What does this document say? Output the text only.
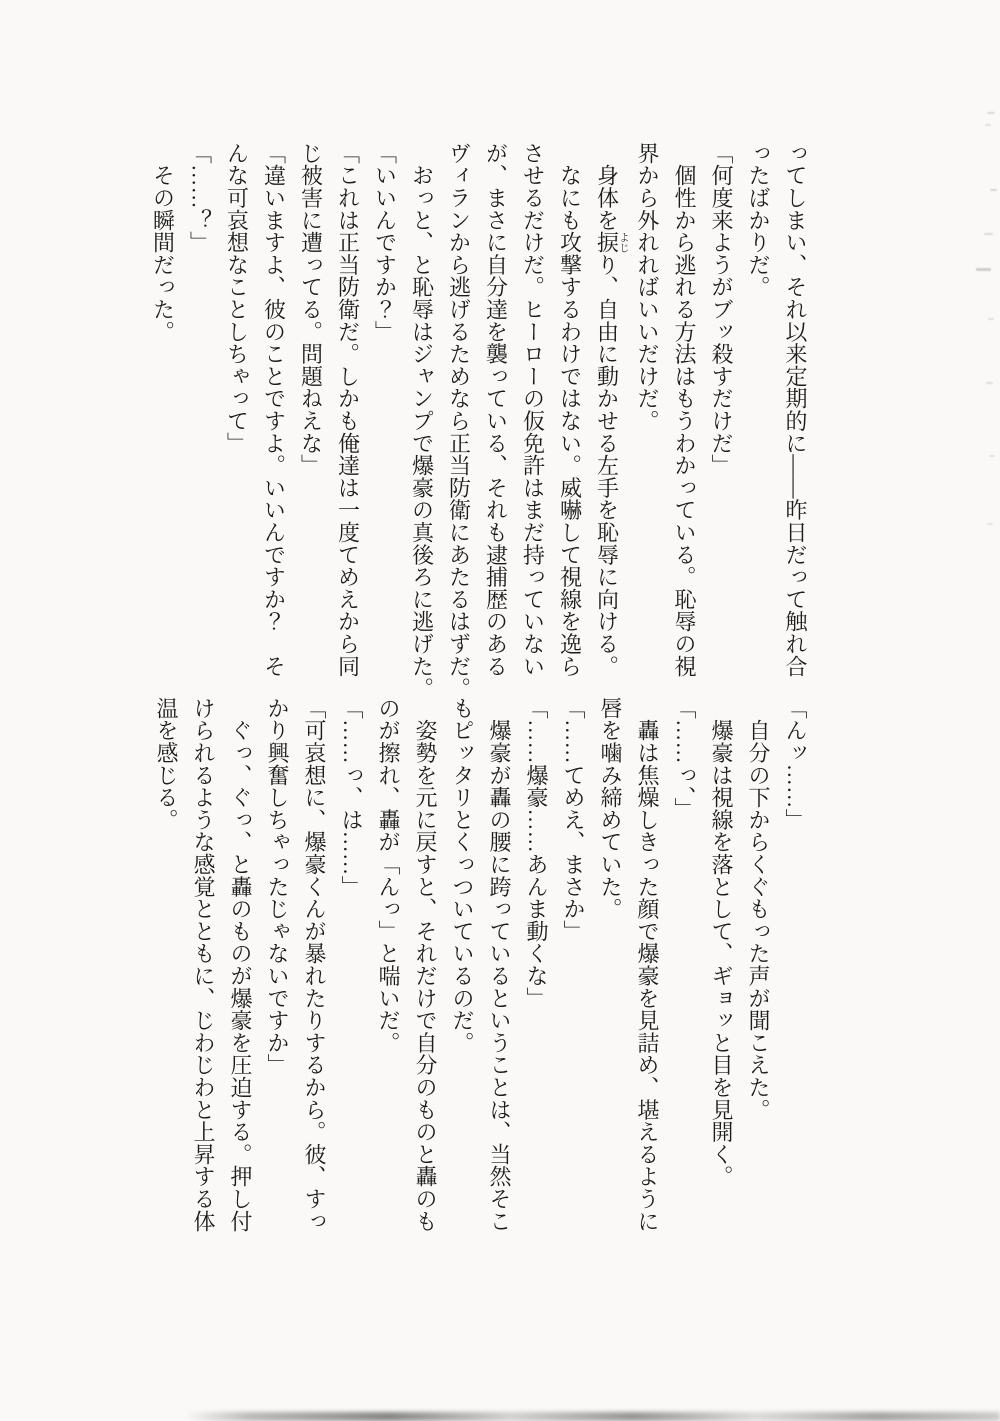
ってしまい、それ以来定期的に――昨日だって触れ合

ったばかりだ。

「何度来ようがブッ殺すだけだ」

　個性から逃れる方法はもうわかっている。恥辱の視

界から外れればいいだけだ。

　身体を捩よじり、自由に動かせる左手を恥辱に向ける。

　なにも攻撃するわけではない。威嚇して視線を逸ら

させるだけだ。ヒーローの仮免許はまだ持っていない

が、まさに自分達を襲っている、それも逮捕歴のある

ヴィランから逃げるためなら正当防衛にあたるはずだ。

　おっと、と恥辱はジャンプで爆豪の真後ろに逃げた。

「いいんですか？」

「これは正当防衛だ。しかも俺達は一度てめえから同

じ被害に遭ってる。問題ねえな」

「違いますよ、彼のことですよ。いいんですか？　そ

んな可哀想なことしちゃって」

「……？」

　その瞬間だった。

「んッ……」

　自分の下からくぐもった声が聞こえた。

　爆豪は視線を落として、ギョッと目を見開く。

「……っ、」

　轟は焦燥しきった顔で爆豪を見詰め、堪えるように

唇を噛み締めていた。

「……てめえ、まさか」

「……爆豪……あんま動くな」

　爆豪が轟の腰に跨っているということは、当然そこ

もピッタリとくっついているのだ。

　姿勢を元に戻すと、それだけで自分のものと轟のも

のが擦れ、轟が「んっ」と喘いだ。

「……っ、は……」

「可哀想に、爆豪くんが暴れたりするから。彼、すっ

かり興奮しちゃったじゃないですか」

　ぐっ、ぐっ、と轟のものが爆豪を圧迫する。押し付

けられるような感覚とともに、じわじわと上昇する体

温を感じる。
